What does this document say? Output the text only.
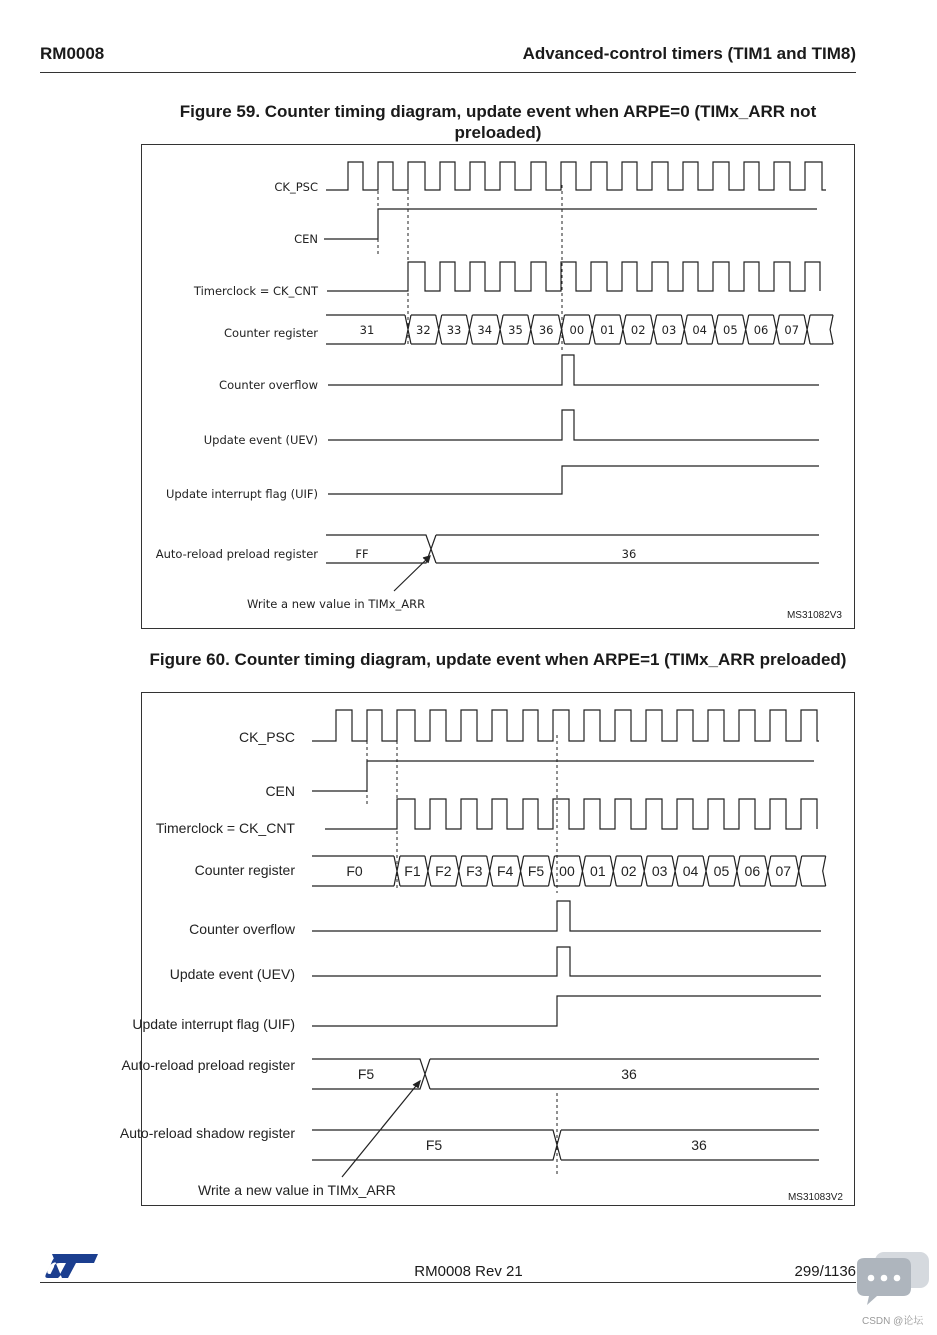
RM0008	Advanced-control timers (TIM1 and TIM8)
Figure 59. Counter timing diagram, update event when ARPE=0 (TIMx_ARR not preloaded)
31	32 33 34 35 36 00 01 02 03 04 05 06 07
CK_PSC
CEN
Timerclock = CK_CNT
Counter register
Counter overflow
Update event (UEV)
Update interrupt flag (UIF)
Auto-reload preload register	FF	36
Write a new value in TIMx_ARR
MS31082V3
Figure 60. Counter timing diagram, update event when ARPE=1 (TIMx_ARR preloaded)
F0	F1 F2 F3 F4 F5 00 01 02 03 04 05 06 07
CK_PSC
CEN
Timerclock = CK_CNT
Counter register
Counter overflow
Update event (UEV)
Update interrupt flag (UIF)
Auto-reload preload register
Auto-reload shadow register
F5	36
F5	36
Write a new value in TIMx_ARR	MS31083V2
RM0008 Rev 21	299/1136
CSDN @论坛
